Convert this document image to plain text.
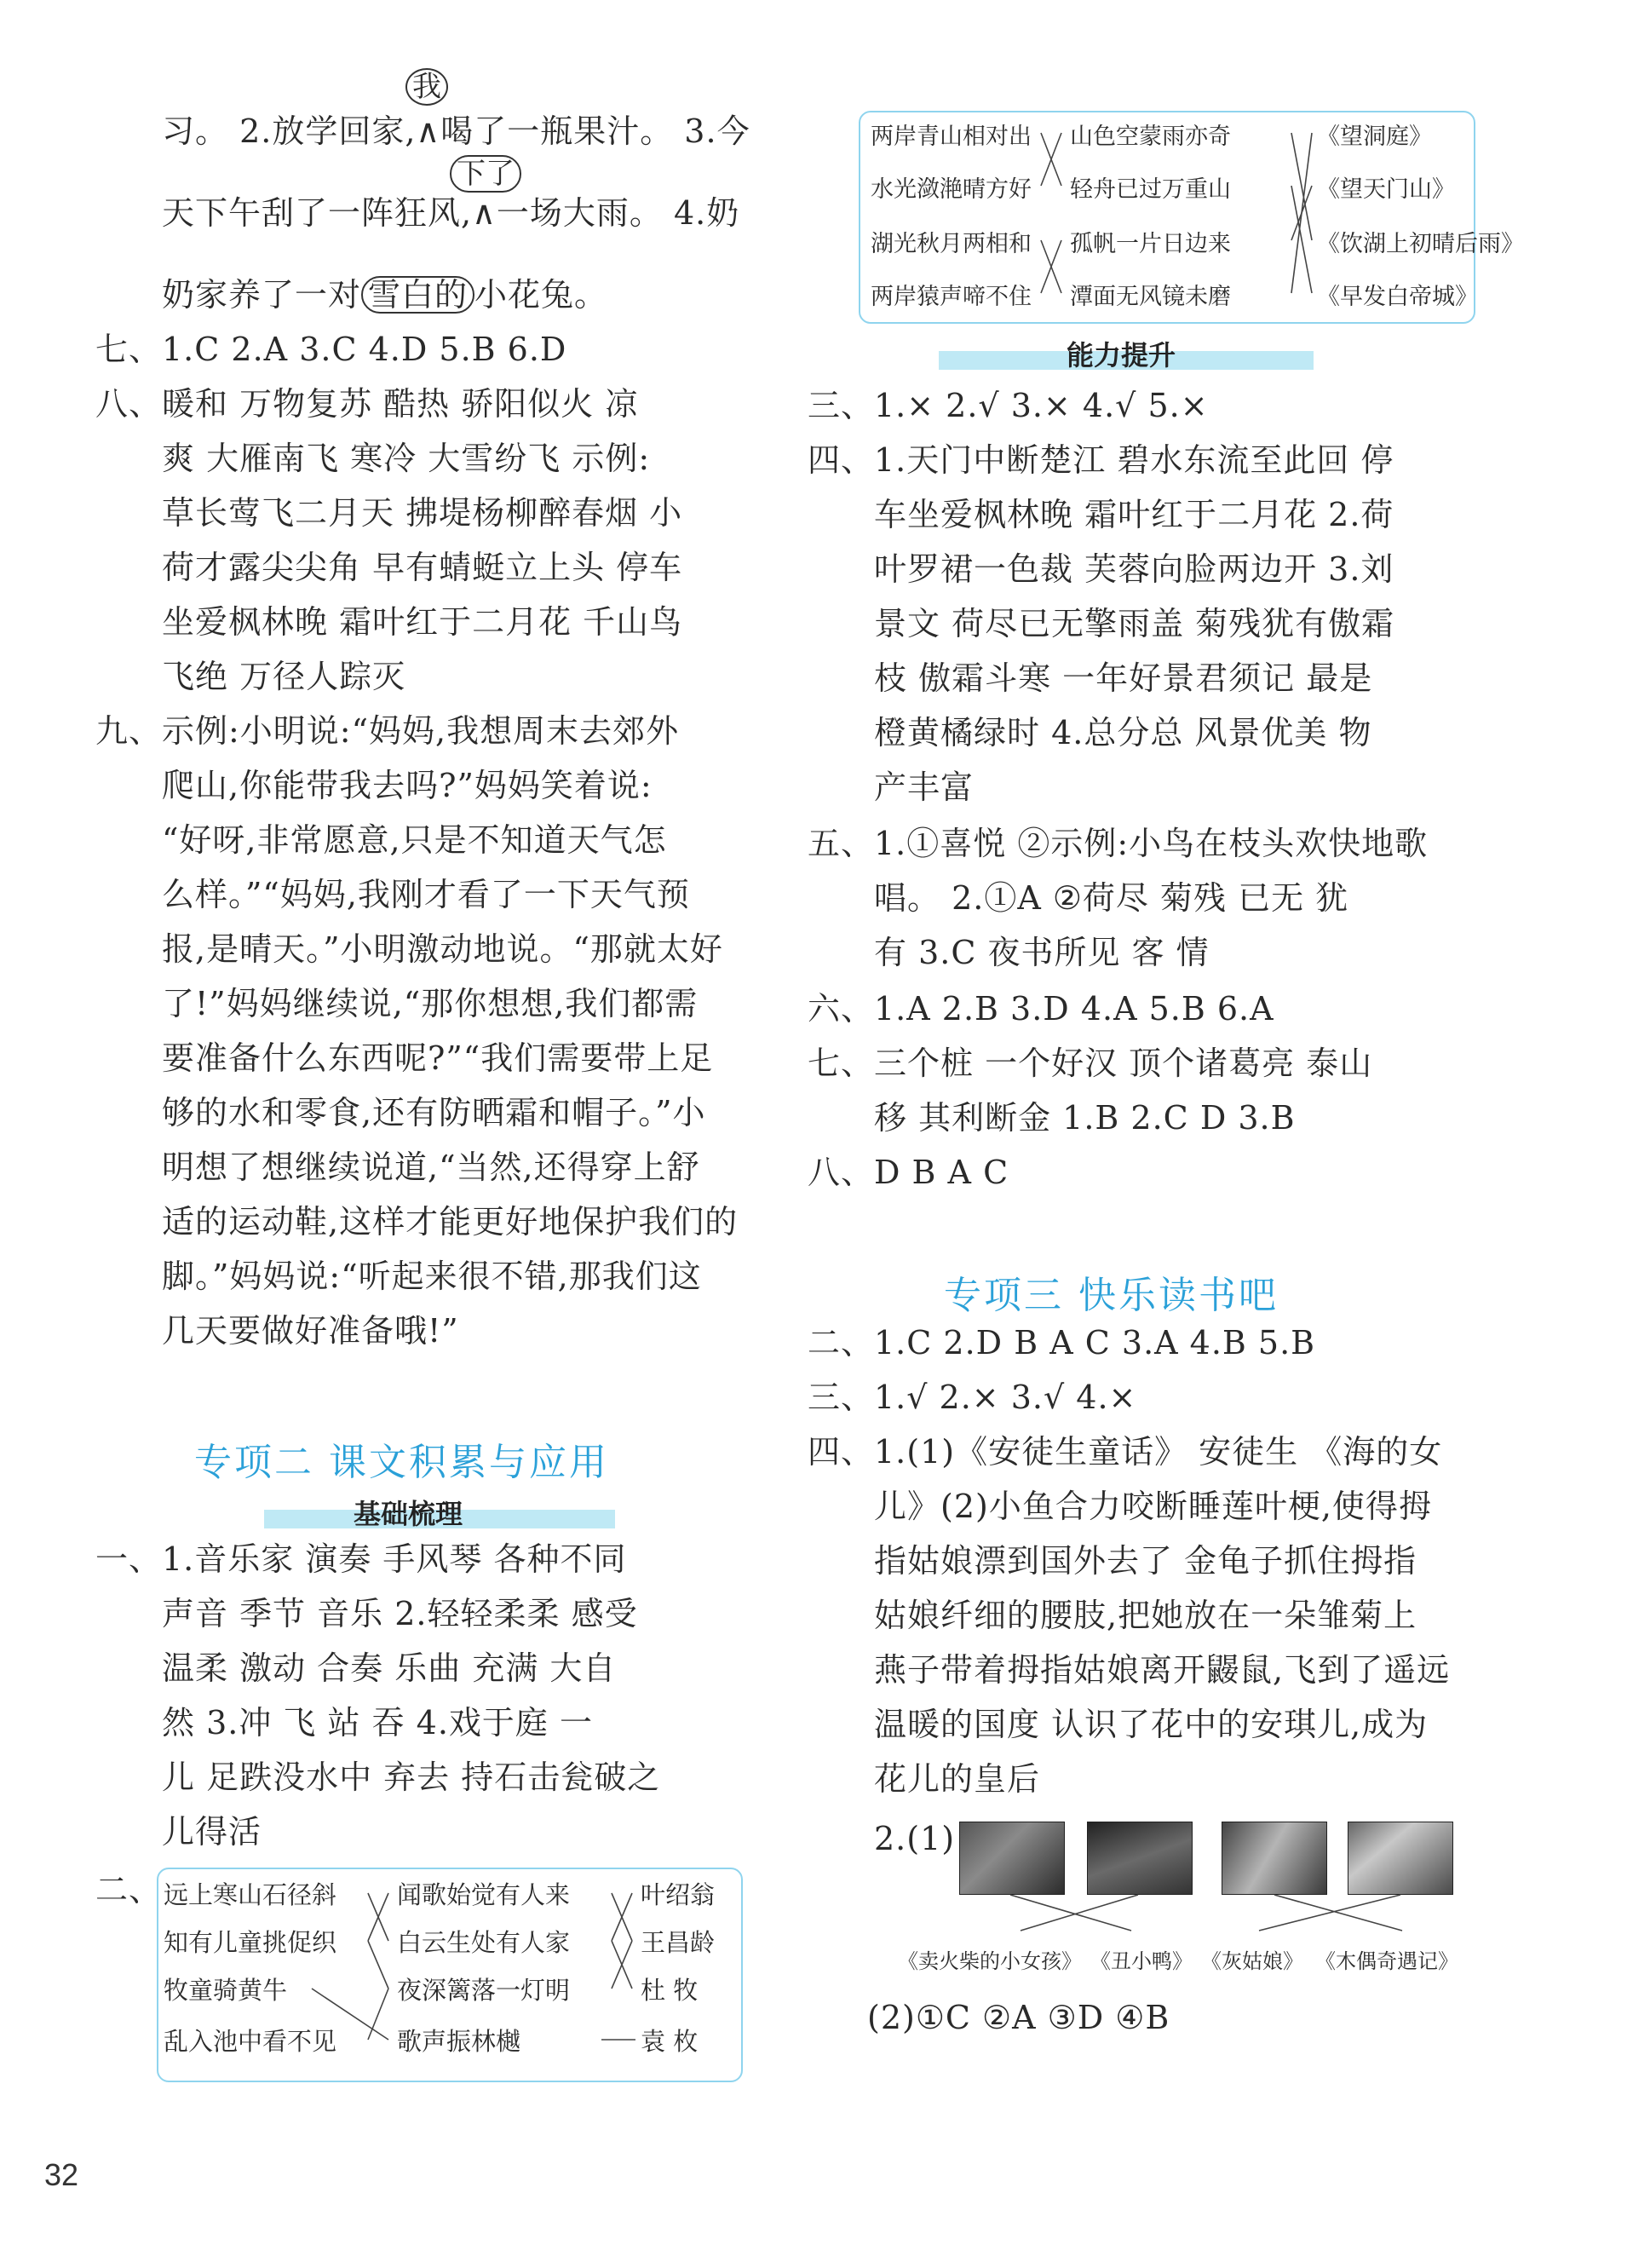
我
习。 2.放学回家,∧喝了一瓶果汁。 3.今
下了
天下午刮了一阵狂风,∧一场大雨。 4.奶
奶家养了一对 雪白的 小花兔。
七、1.C 2.A 3.C 4.D 5.B 6.D
八、暖和 万物复苏 酷热 骄阳似火 凉
爽 大雁南飞 寒冷 大雪纷飞 示例:
草长莺飞二月天 拂堤杨柳醉春烟 小
荷才露尖尖角 早有蜻蜓立上头 停车
坐爱枫林晚 霜叶红于二月花 千山鸟
飞绝 万径人踪灭
九、示例:小明说:“妈妈,我想周末去郊外
爬山,你能带我去吗?”妈妈笑着说:
“好呀,非常愿意,只是不知道天气怎
么样。”“妈妈,我刚才看了一下天气预
报,是晴天。”小明激动地说。“那就太好
了!”妈妈继续说,“那你想想,我们都需
要准备什么东西呢?”“我们需要带上足
够的水和零食,还有防晒霜和帽子。”小
明想了想继续说道,“当然,还得穿上舒
适的运动鞋,这样才能更好地保护我们的
脚。”妈妈说:“听起来很不错,那我们这
几天要做好准备哦!”
专项二 课文积累与应用
基础梳理
一、1.音乐家 演奏 手风琴 各种不同
声音 季节 音乐 2.轻轻柔柔 感受
温柔 激动 合奏 乐曲 充满 大自
然 3.冲 飞 站 吞 4.戏于庭 一
儿 足跌没水中 弃去 持石击瓮破之
儿得活
二、 远上寒山石径斜
知有儿童挑促织
牧童骑黄牛
乱入池中看不见
闻歌始觉有人来
白云生处有人家
夜深篱落一灯明
歌声振林樾
叶绍翁
王昌龄
杜 牧
袁 枚
两岸青山相对出
水光潋滟晴方好
湖光秋月两相和
两岸猿声啼不住
山色空蒙雨亦奇
轻舟已过万重山
孤帆一片日边来
潭面无风镜未磨
《望洞庭》
《望天门山》
《饮湖上初晴后雨》
《早发白帝城》
能力提升
三、1.× 2.√ 3.× 4.√ 5.×
四、1.天门中断楚江 碧水东流至此回 停
车坐爱枫林晚 霜叶红于二月花 2.荷
叶罗裙一色裁 芙蓉向脸两边开 3.刘
景文 荷尽已无擎雨盖 菊残犹有傲霜
枝 傲霜斗寒 一年好景君须记 最是
橙黄橘绿时 4.总分总 风景优美 物
产丰富
五、1.①喜悦 ②示例:小鸟在枝头欢快地歌
唱。 2.①A ②荷尽 菊残 已无 犹
有 3.C 夜书所见 客 情
六、1.A 2.B 3.D 4.A 5.B 6.A
七、三个桩 一个好汉 顶个诸葛亮 泰山
移 其利断金 1.B 2.C D 3.B
八、D B A C
专项三 快乐读书吧
二、1.C 2.D B A C 3.A 4.B 5.B
三、1.√ 2.× 3.√ 4.×
四、1.(1)《安徒生童话》 安徒生 《海的女
儿》(2)小鱼合力咬断睡莲叶梗,使得拇
指姑娘漂到国外去了 金龟子抓住拇指
姑娘纤细的腰肢,把她放在一朵雏菊上
燕子带着拇指姑娘离开鼹鼠,飞到了遥远
温暖的国度 认识了花中的安琪儿,成为
花儿的皇后
2.(1)
《卖火柴的小女孩》 《丑小鸭》 《灰姑娘》 《木偶奇遇记》
(2)①C ②A ③D ④B
32
